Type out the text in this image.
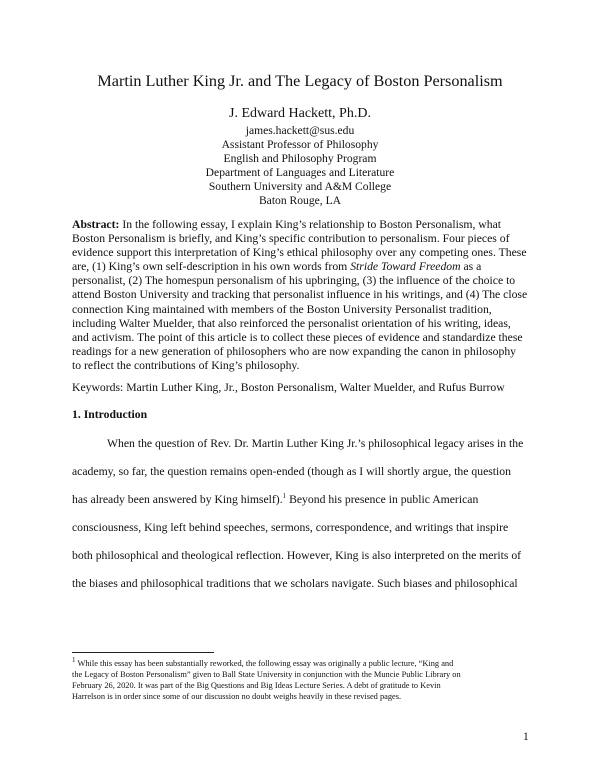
Martin Luther King Jr. and The Legacy of Boston Personalism
J. Edward Hackett, Ph.D.
james.hackett@sus.edu
Assistant Professor of Philosophy
English and Philosophy Program
Department of Languages and Literature
Southern University and A&M College
Baton Rouge, LA
Abstract: In the following essay, I explain King’s relationship to Boston Personalism, what
Boston Personalism is briefly, and King’s specific contribution to personalism. Four pieces of
evidence support this interpretation of King’s ethical philosophy over any competing ones. These
are, (1) King’s own self-description in his own words from Stride Toward Freedom as a
personalist, (2) The homespun personalism of his upbringing, (3) the influence of the choice to
attend Boston University and tracking that personalist influence in his writings, and (4) The close
connection King maintained with members of the Boston University Personalist tradition,
including Walter Muelder, that also reinforced the personalist orientation of his writing, ideas,
and activism. The point of this article is to collect these pieces of evidence and standardize these
readings for a new generation of philosophers who are now expanding the canon in philosophy
to reflect the contributions of King’s philosophy.
Keywords: Martin Luther King, Jr., Boston Personalism, Walter Muelder, and Rufus Burrow
1. Introduction
When the question of Rev. Dr. Martin Luther King Jr.’s philosophical legacy arises in the
academy, so far, the question remains open-ended (though as I will shortly argue, the question
has already been answered by King himself).$^1$ Beyond his presence in public American
consciousness, King left behind speeches, sermons, correspondence, and writings that inspire
both philosophical and theological reflection. However, King is also interpreted on the merits of
the biases and philosophical traditions that we scholars navigate. Such biases and philosophical
$^1$ While this essay has been substantially reworked, the following essay was originally a public lecture, “King and
the Legacy of Boston Personalism” given to Ball State University in conjunction with the Muncie Public Library on
February 26, 2020. It was part of the Big Questions and Big Ideas Lecture Series. A debt of gratitude to Kevin
Harrelson is in order since some of our discussion no doubt weighs heavily in these revised pages.
1
